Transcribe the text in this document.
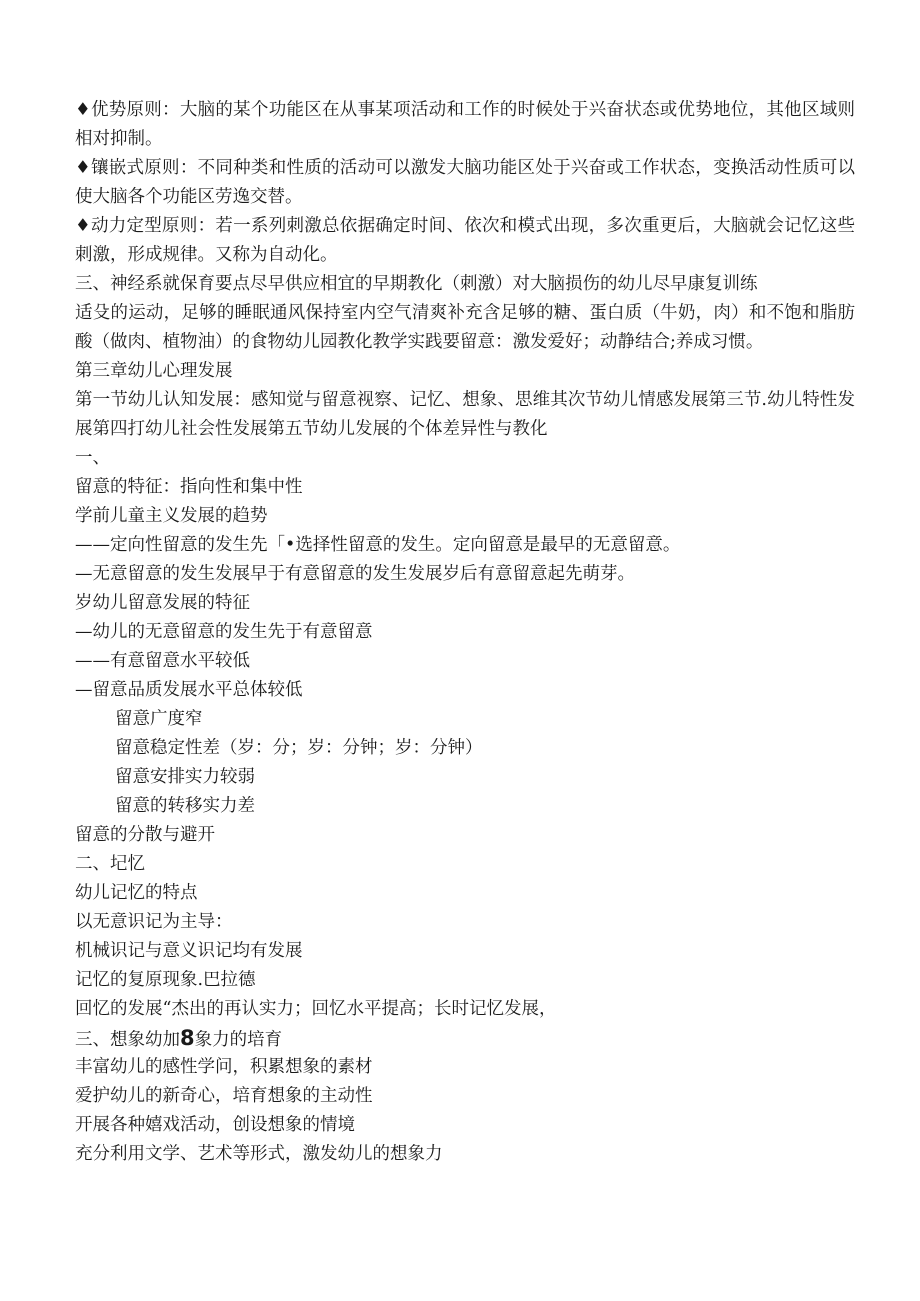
♦优势原则：大脑的某个功能区在从事某项活动和工作的时候处于兴奋状态或优势地位，其他区域则相对抑制。
♦镶嵌式原则：不同种类和性质的活动可以激发大脑功能区处于兴奋或工作状态，变换活动性质可以使大脑各个功能区劳逸交替。
♦动力定型原则：若一系列刺激总依据确定时间、依次和模式出现，多次重更后，大脑就会记忆这些刺激，形成规律。又称为自动化。
三、神经系就保育要点尽早供应相宜的早期教化（刺激）对大脑损伤的幼儿尽早康复训练
适殳的运动，足够的睡眠通风保持室内空气清爽补充含足够的糖、蛋白质（牛奶，肉）和不饱和脂肪酸（做肉、植物油）的食物幼儿园教化教学实践要留意：激发爱好；动静结合;养成习惯。
第三章幼儿心理发展
第一节幼儿认知发展：感知觉与留意视察、记忆、想象、思维其次节幼儿情感发展第三节.幼儿特性发展第四打幼儿社会性发展第五节幼儿发展的个体差异性与教化
一、
留意的特征：指向性和集中性
学前儿童主义发展的趋势
——定向性留意的发生先「•选择性留意的发生。定向留意是最早的无意留意。
—无意留意的发生发展早于有意留意的发生发展岁后有意留意起先萌芽。
岁幼儿留意发展的特征
—幼儿的无意留意的发生先于有意留意
——有意留意水平较低
—留意品质发展水平总体较低
留意广度窄
留意稳定性差（岁：分；岁：分钟；岁：分钟）
留意安排实力较弱
留意的转移实力差
留意的分散与避开
二、圮忆
幼儿记忆的特点
以无意识记为主导：
机械识记与意义识记均有发展
记忆的复原现象.巴拉德
回忆的发展“杰出的再认实力；回忆水平提高；长时记忆发展，
三、想象幼加8象力的培育
丰富幼儿的感性学问，积累想象的素材
爱护幼儿的新奇心，培育想象的主动性
开展各种嬉戏活动，创设想象的情境
充分利用文学、艺术等形式，激发幼儿的想象力
